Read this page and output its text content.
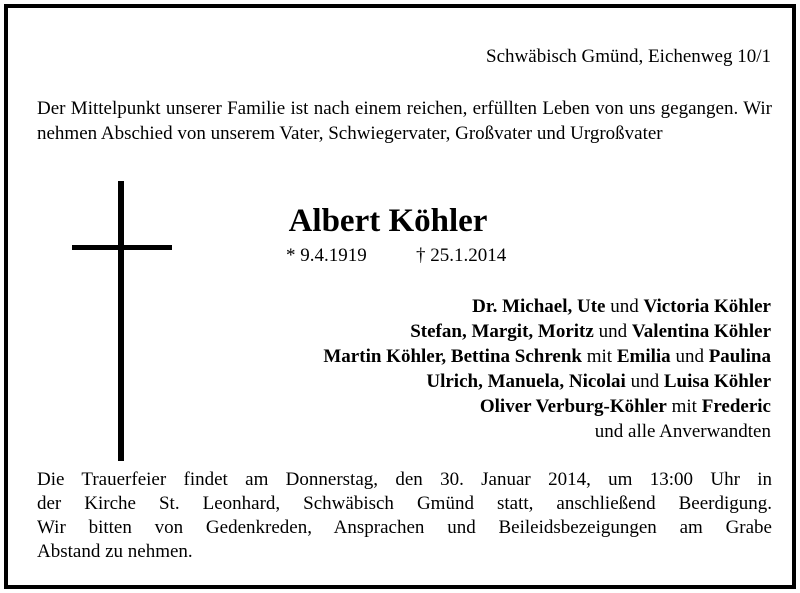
Schwäbisch Gmünd, Eichenweg 10/1

Der Mittelpunkt unserer Familie ist nach einem reichen, erfüllten Leben von uns gegangen. Wir nehmen Abschied von unserem Vater, Schwiegervater, Großvater und Urgroßvater

Albert Köhler
* 9.4.1919	† 25.1.2014
Dr. Michael, Ute und Victoria Köhler
Stefan, Margit, Moritz und Valentina Köhler
Martin Köhler, Bettina Schrenk mit Emilia und Paulina
Ulrich, Manuela, Nicolai und Luisa Köhler
Oliver Verburg-Köhler mit Frederic
und alle Anverwandten
Die Trauerfeier findet am Donnerstag, den 30. Januar 2014, um 13:00 Uhr in
der Kirche St. Leonhard, Schwäbisch Gmünd statt, anschließend Beerdigung.
Wir bitten von Gedenkreden, Ansprachen und Beileidsbezeigungen am Grabe
Abstand zu nehmen.
